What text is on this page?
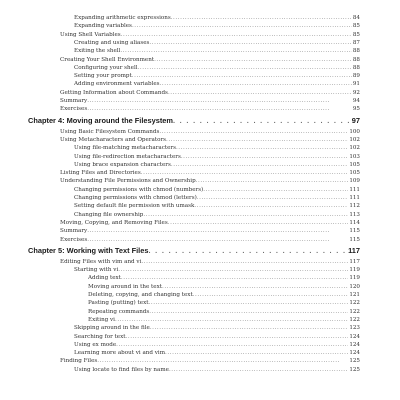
Expanding arithmetic expressions . . .	84
Expanding variables . . .	85
Using Shell Variables . . .	85
Creating and using aliases . . .	87
Exiting the shell . . .	88
Creating Your Shell Environment . . .	88
Configuring your shell . . .	88
Setting your prompt . . .	89
Adding environment variables . . .	91
Getting Information about Commands . . .	92
Summary . . .	94
Exercises . . .	95
Chapter 4: Moving around the Filesystem . . .	97
Using Basic Filesystem Commands . . .	100
Using Metacharacters and Operators . . .	102
Using file-matching metacharacters . . .	102
Using file-redirection metacharacters . . .	103
Using brace expansion characters . . .	105
Listing Files and Directories . . .	105
Understanding File Permissions and Ownership . . .	109
Changing permissions with chmod (numbers) . . .	111
Changing permissions with chmod (letters) . . .	111
Setting default file permission with umask . . .	112
Changing file ownership . . .	113
Moving, Copying, and Removing Files . . .	114
Summary . . .	115
Exercises . . .	115
Chapter 5: Working with Text Files . . .	117
Editing Files with vim and vi . . .	117
Starting with vi . . .	119
Adding text . . .	119
Moving around in the text . . .	120
Deleting, copying, and changing text . . .	121
Pasting (putting) text . . .	122
Repeating commands . . .	122
Exiting vi . . .	122
Skipping around in the file . . .	123
Searching for text . . .	124
Using ex mode . . .	124
Learning more about vi and vim . . .	124
Finding Files . . .	125
Using locate to find files by name . . .	125
